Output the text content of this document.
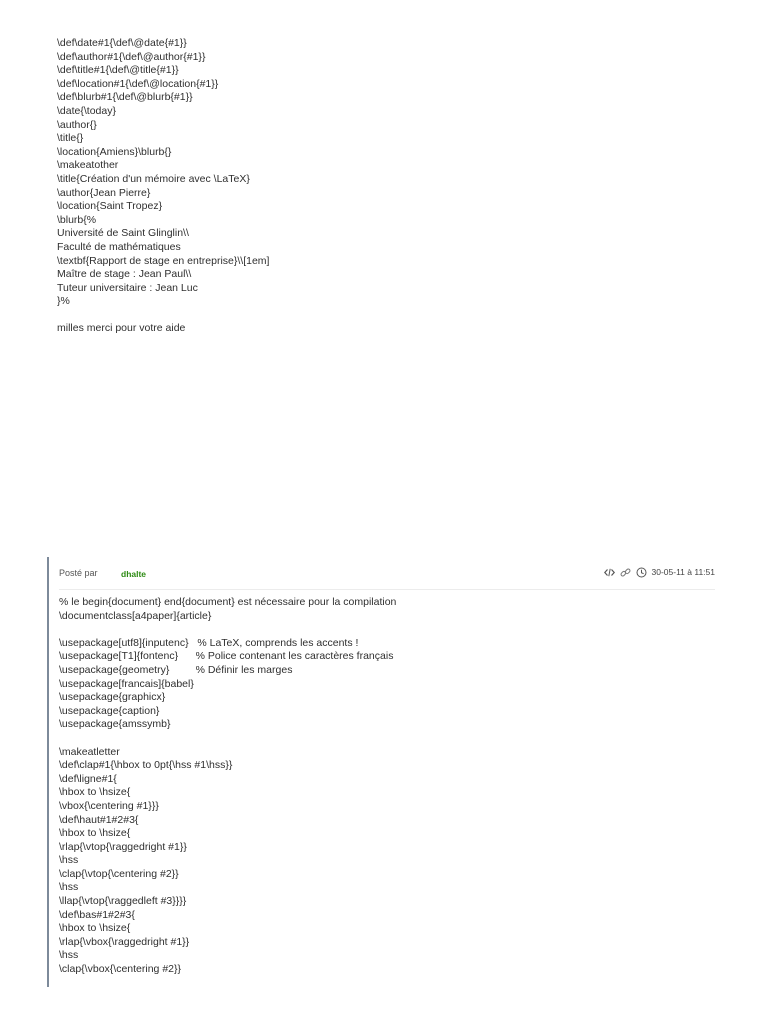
\def\date#1{\def\@date{#1}}
\def\author#1{\def\@author{#1}}
\def\title#1{\def\@title{#1}}
\def\location#1{\def\@location{#1}}
\def\blurb#1{\def\@blurb{#1}}
\date{\today}
\author{}
\title{}
\location{Amiens}\blurb{}
\makeatother
\title{Création d'un mémoire avec \LaTeX}
\author{Jean Pierre}
\location{Saint Tropez}
\blurb{%
Université de Saint Glinglin\\
Faculté de mathématiques
\textbf{Rapport de stage en entreprise}\\[1em]
Maître de stage : Jean Paul\\
Tuteur universitaire : Jean Luc
}%
milles merci pour votre aide
Posté par	dhalte	30-05-11 à 11:51
% le begin{document} end{document} est nécessaire pour la compilation
\documentclass[a4paper]{article}
\usepackage[utf8]{inputenc}   % LaTeX, comprends les accents !
\usepackage[T1]{fontenc}      % Police contenant les caractères français
\usepackage{geometry}         % Définir les marges
\usepackage[francais]{babel}
\usepackage{graphicx}
\usepackage{caption}
\usepackage{amssymb}
\makeatletter
\def\clap#1{\hbox to 0pt{\hss #1\hss}}
\def\ligne#1{
\hbox to \hsize{
\vbox{\centering #1}}}
\def\haut#1#2#3{
\hbox to \hsize{
\rlap{\vtop{\raggedright #1}}
\hss
\clap{\vtop{\centering #2}}
\hss
\llap{\vtop{\raggedleft #3}}}}
\def\bas#1#2#3{
\hbox to \hsize{
\rlap{\vbox{\raggedright #1}}
\hss
\clap{\vbox{\centering #2}}
